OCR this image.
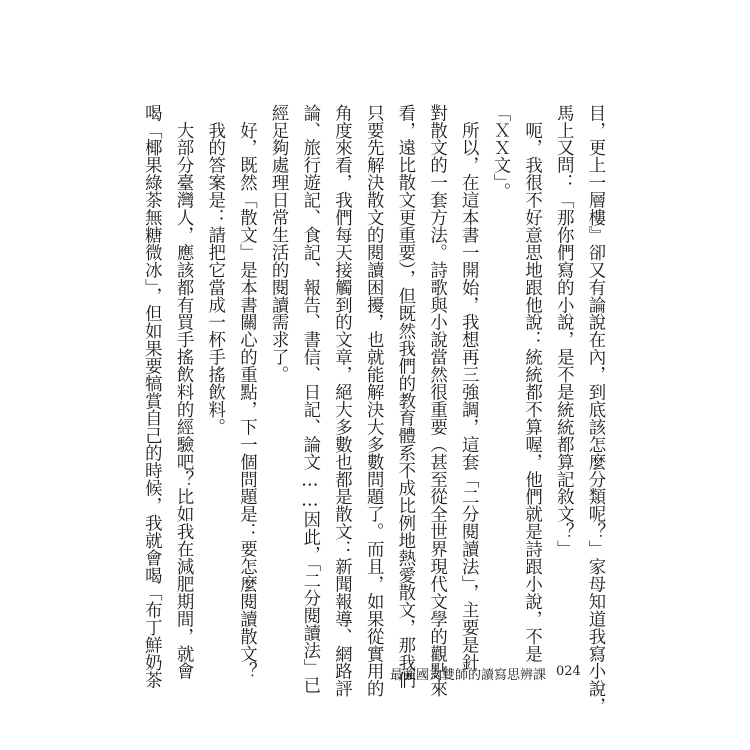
目，更上一層樓』卻又有論說在內，到底該怎麼分類呢？」家母知道我寫小說，
馬上又問：「那你們寫的小說，是不是統統都算記敘文？」
　呃，我很不好意思地跟他說：統統都不算喔，他們就是詩跟小說，不是
「ＸＸ文」。
　所以，在這本書一開始，我想再三強調，這套「二分閱讀法」，主要是針
對散文的一套方法。詩歌與小說當然很重要（甚至從全世界現代文學的觀點來
看，遠比散文更重要），但既然我們的教育體系不成比例地熱愛散文，那我們
只要先解決散文的閱讀困擾，也就能解決大多數問題了。而且，如果從實用的
角度來看，我們每天接觸到的文章，絕大多數也都是散文：新聞報導、網路評
論、旅行遊記、食記、報告、書信、日記、論文……因此，「二分閱讀法」已
經足夠處理日常生活的閱讀需求了。
　好，既然「散文」是本書關心的重點，下一個問題是：要怎麼閱讀散文？
　我的答案是：請把它當成一杯手搖飲料。
　大部分臺灣人，應該都有買手搖飲料的經驗吧？比如我在減肥期間，就會
喝「椰果綠茶無糖微冰」，但如果要犒賞自己的時候，我就會喝「布丁鮮奶茶	最強國文雙師的讀寫思辨課 024
